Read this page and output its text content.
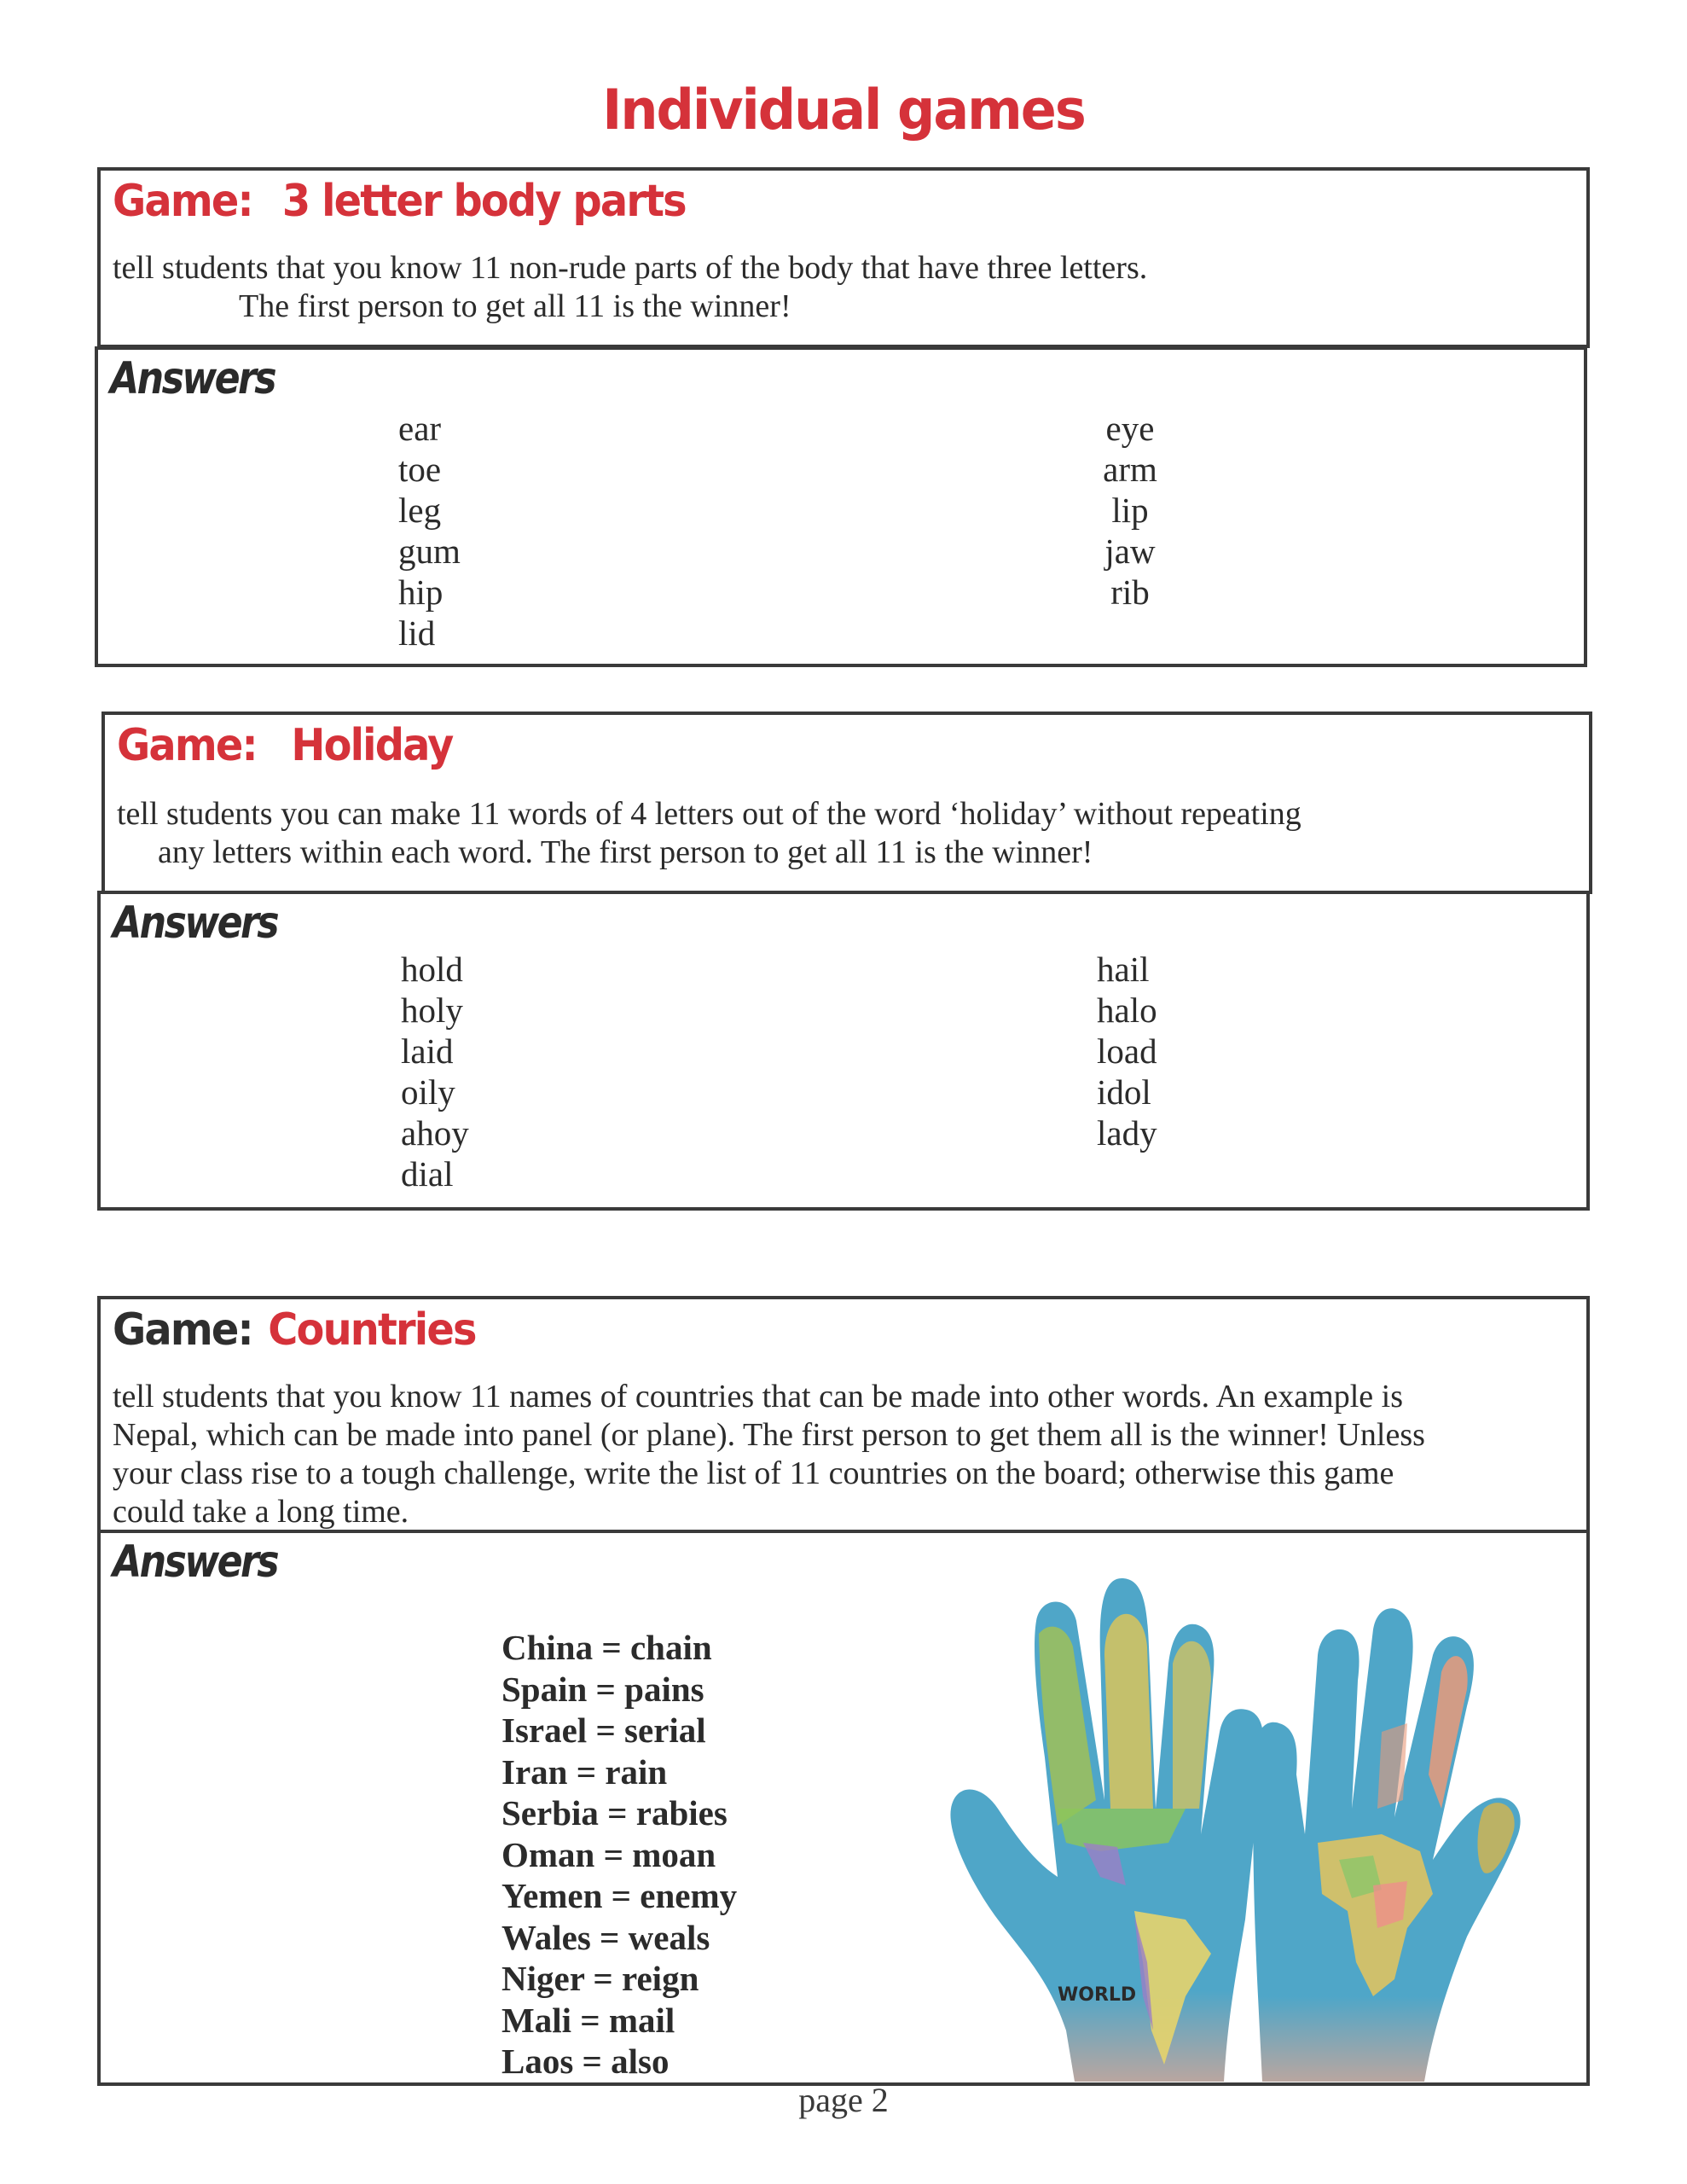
Individual games
Game: 3 letter body parts
tell students that you know 11 non-rude parts of the body that have three letters.
The first person to get all 11 is the winner!
Answers
ear
toe
leg
gum
hip
lid
eye
arm
lip
jaw
rib
Game: Holiday
tell students you can make 11 words of 4 letters out of the word ‘holiday’ without repeating
any letters within each word. The first person to get all 11 is the winner!
Answers
hold
holy
laid
oily
ahoy
dial
hail
halo
load
idol
lady
Game: Countries
tell students that you know 11 names of countries that can be made into other words. An example is
Nepal, which can be made into panel (or plane). The first person to get them all is the winner! Unless
your class rise to a tough challenge, write the list of 11 countries on the board; otherwise this game
could take a long time.
Answers
China = chain
Spain = pains
Israel = serial
Iran = rain
Serbia = rabies
Oman = moan
Yemen = enemy
Wales = weals
Niger = reign
Mali = mail
Laos = also
WORLD
page 2
